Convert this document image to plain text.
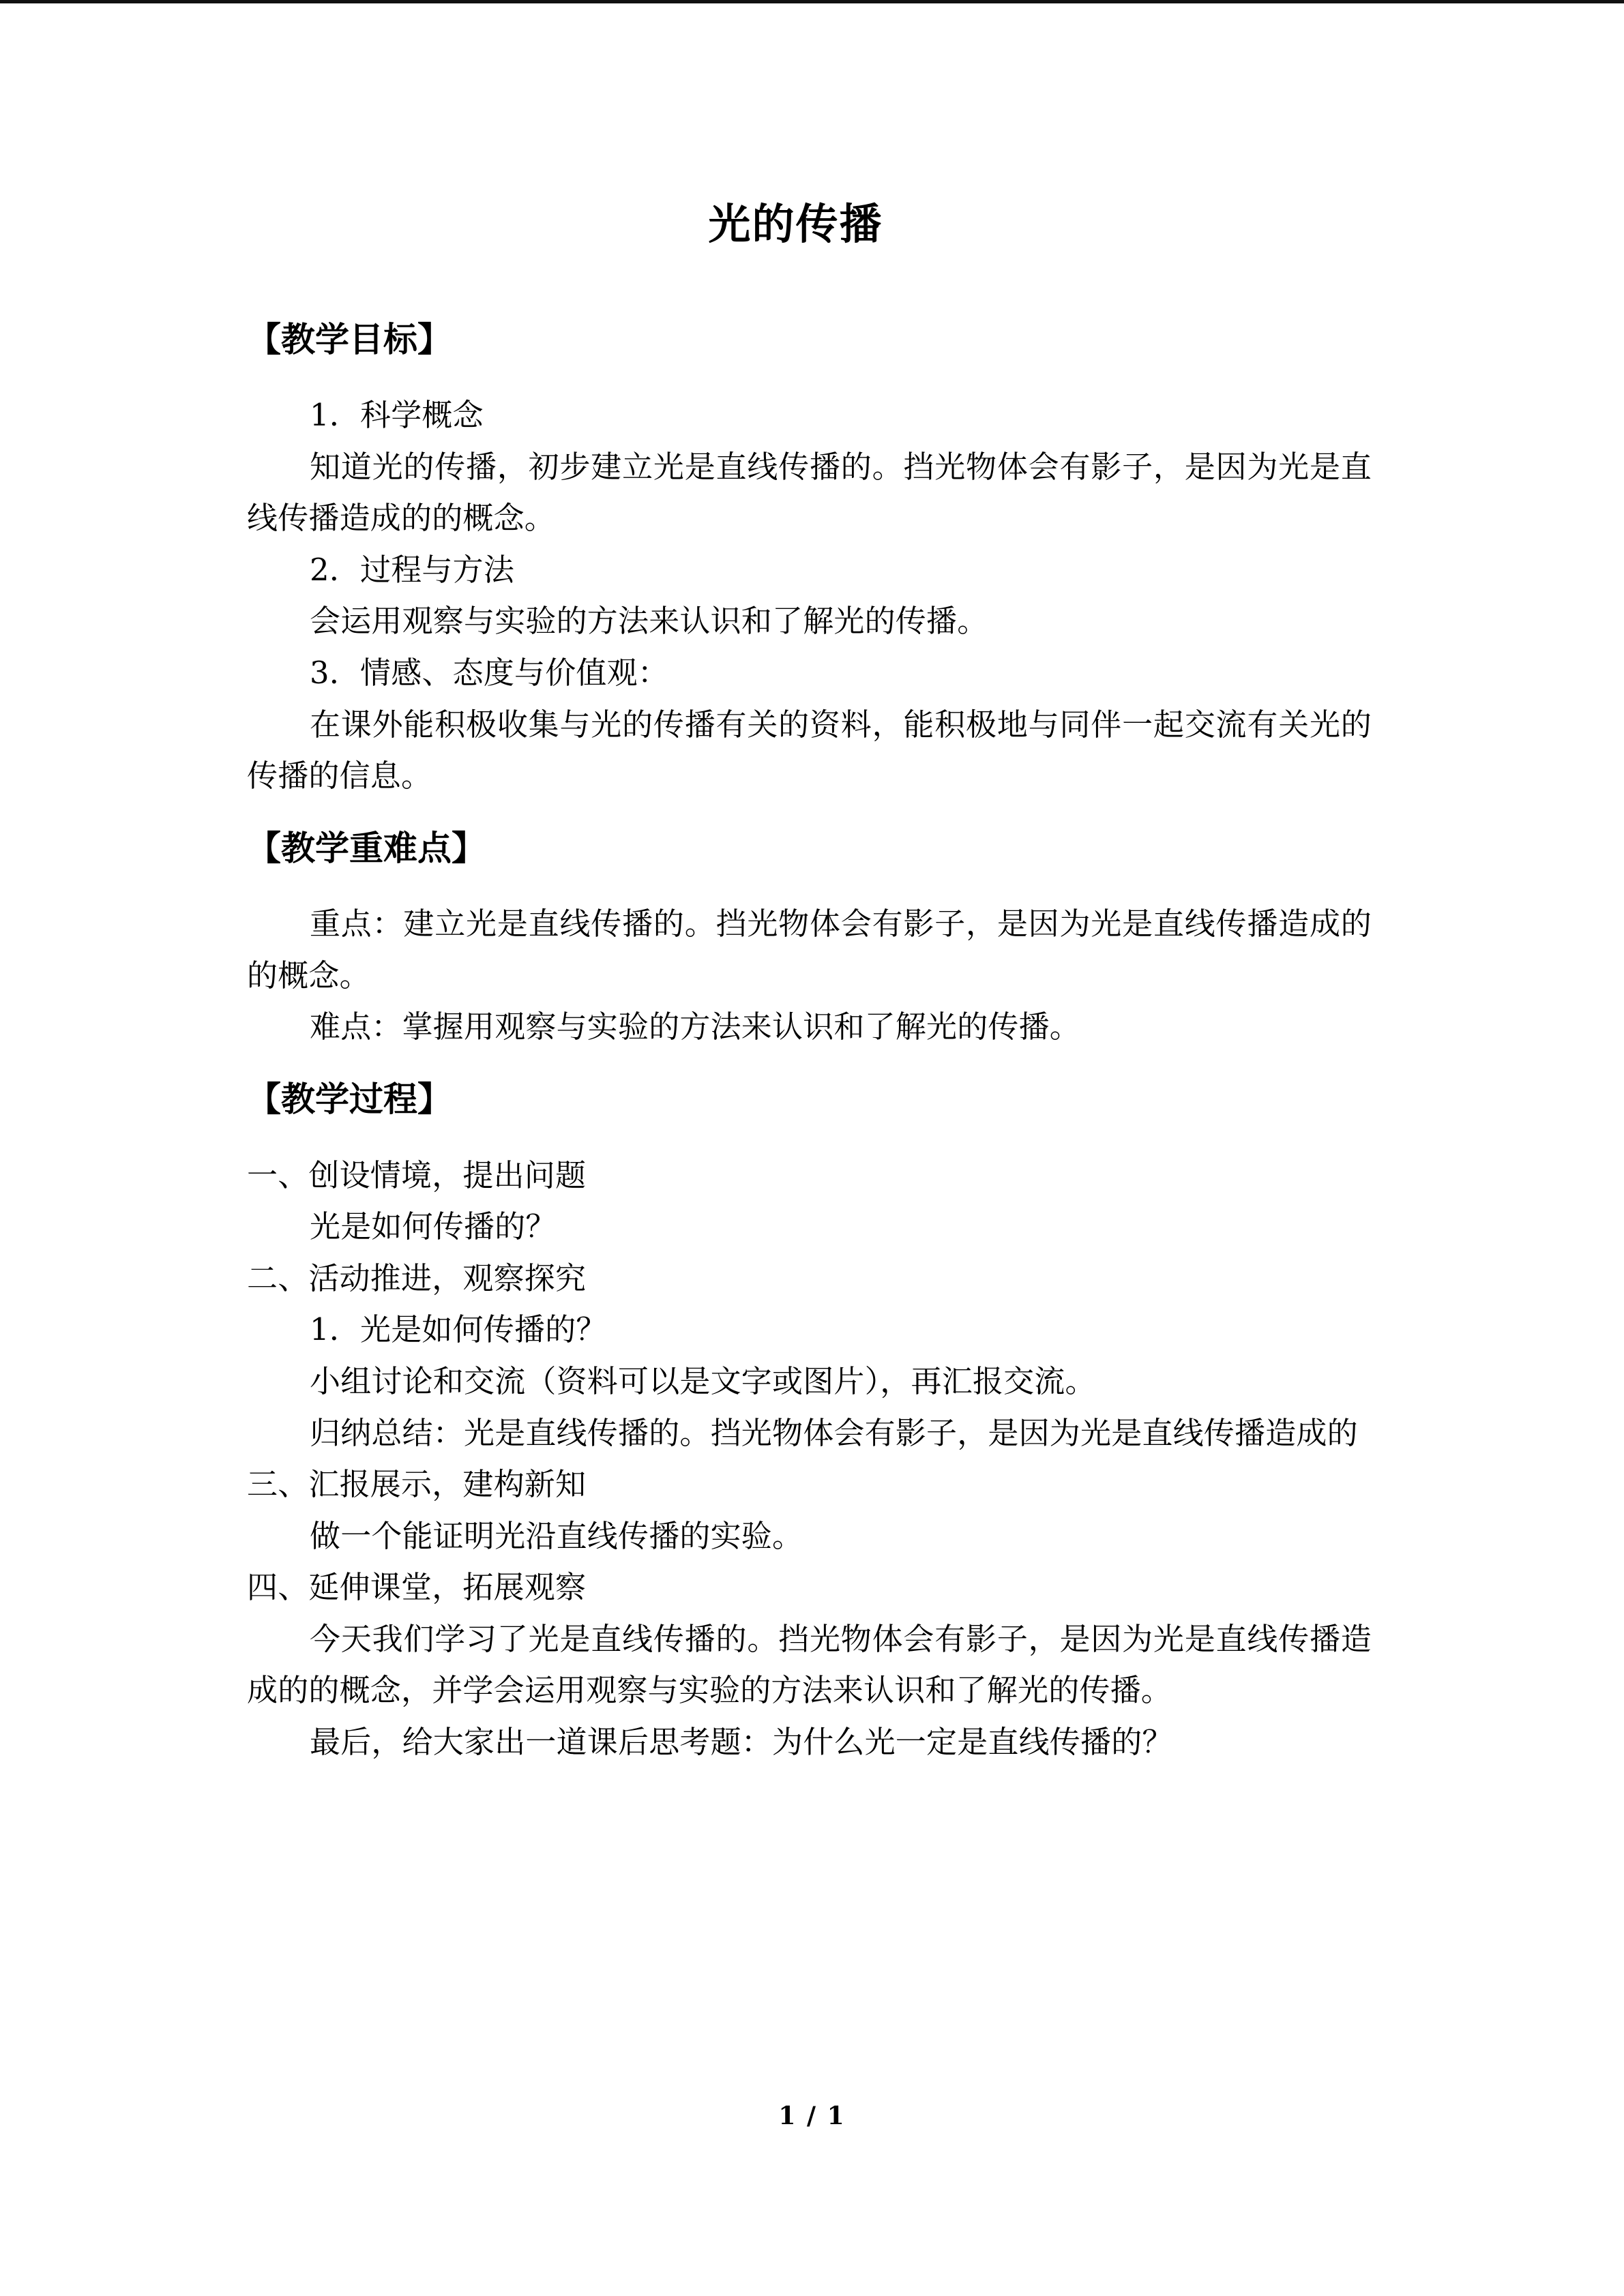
光的传播
【教学目标】

1．科学概念

知道光的传播，初步建立光是直线传播的。挡光物体会有影子，是因为光是直线传播造成的的概念。

2．过程与方法

会运用观察与实验的方法来认识和了解光的传播。

3．情感、态度与价值观：

在课外能积极收集与光的传播有关的资料，能积极地与同伴一起交流有关光的传播的信息。

【教学重难点】

重点：建立光是直线传播的。挡光物体会有影子，是因为光是直线传播造成的的概念。

难点：掌握用观察与实验的方法来认识和了解光的传播。

【教学过程】

一、创设情境，提出问题

光是如何传播的？

二、活动推进，观察探究

1．光是如何传播的？

小组讨论和交流（资料可以是文字或图片），再汇报交流。

归纳总结：光是直线传播的。挡光物体会有影子，是因为光是直线传播造成的

三、汇报展示，建构新知

做一个能证明光沿直线传播的实验。

四、延伸课堂，拓展观察

今天我们学习了光是直线传播的。挡光物体会有影子，是因为光是直线传播造成的的概念，并学会运用观察与实验的方法来认识和了解光的传播。

最后，给大家出一道课后思考题：为什么光一定是直线传播的？

1 / 1
